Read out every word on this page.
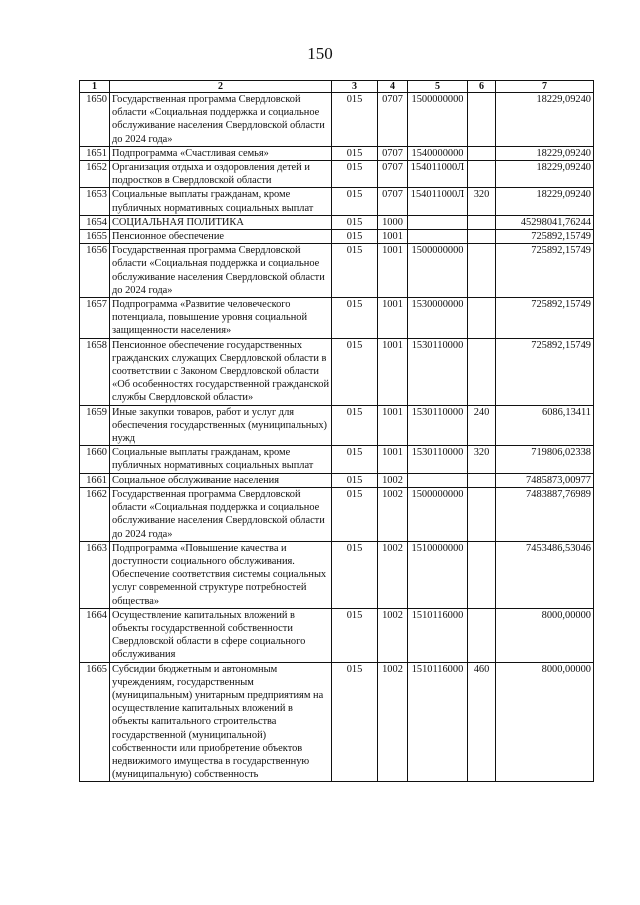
150
1	2	3	4	5	6	7
1650	Государственная программа Свердловской области «Социальная поддержка и социальное обслуживание населения Свердловской области до 2024 года»	015	0707	1500000000		18229,09240
1651	Подпрограмма «Счастливая семья»	015	0707	1540000000		18229,09240
1652	Организация отдыха и оздоровления детей и подростков в Свердловской области	015	0707	154011000Л		18229,09240
1653	Социальные выплаты гражданам, кроме публичных нормативных социальных выплат	015	0707	154011000Л	320	18229,09240
1654	СОЦИАЛЬНАЯ ПОЛИТИКА	015	1000			45298041,76244
1655	Пенсионное обеспечение	015	1001			725892,15749
1656	Государственная программа Свердловской области «Социальная поддержка и социальное обслуживание населения Свердловской области до 2024 года»	015	1001	1500000000		725892,15749
1657	Подпрограмма «Развитие человеческого потенциала, повышение уровня социальной защищенности населения»	015	1001	1530000000		725892,15749
1658	Пенсионное обеспечение государственных гражданских служащих Свердловской области в соответствии с Законом Свердловской области «Об особенностях государственной гражданской службы Свердловской области»	015	1001	1530110000		725892,15749
1659	Иные закупки товаров, работ и услуг для обеспечения государственных (муниципальных) нужд	015	1001	1530110000	240	6086,13411
1660	Социальные выплаты гражданам, кроме публичных нормативных социальных выплат	015	1001	1530110000	320	719806,02338
1661	Социальное обслуживание населения	015	1002			7485873,00977
1662	Государственная программа Свердловской области «Социальная поддержка и социальное обслуживание населения Свердловской области до 2024 года»	015	1002	1500000000		7483887,76989
1663	Подпрограмма «Повышение качества и доступности социального обслуживания. Обеспечение соответствия системы социальных услуг современной структуре потребностей общества»	015	1002	1510000000		7453486,53046
1664	Осуществление капитальных вложений в объекты государственной собственности Свердловской области в сфере социального обслуживания	015	1002	1510116000		8000,00000
1665	Субсидии бюджетным и автономным учреждениям, государственным (муниципальным) унитарным предприятиям на осуществление капитальных вложений в объекты капитального строительства государственной (муниципальной) собственности или приобретение объектов недвижимого имущества в государственную (муниципальную) собственность	015	1002	1510116000	460	8000,00000
